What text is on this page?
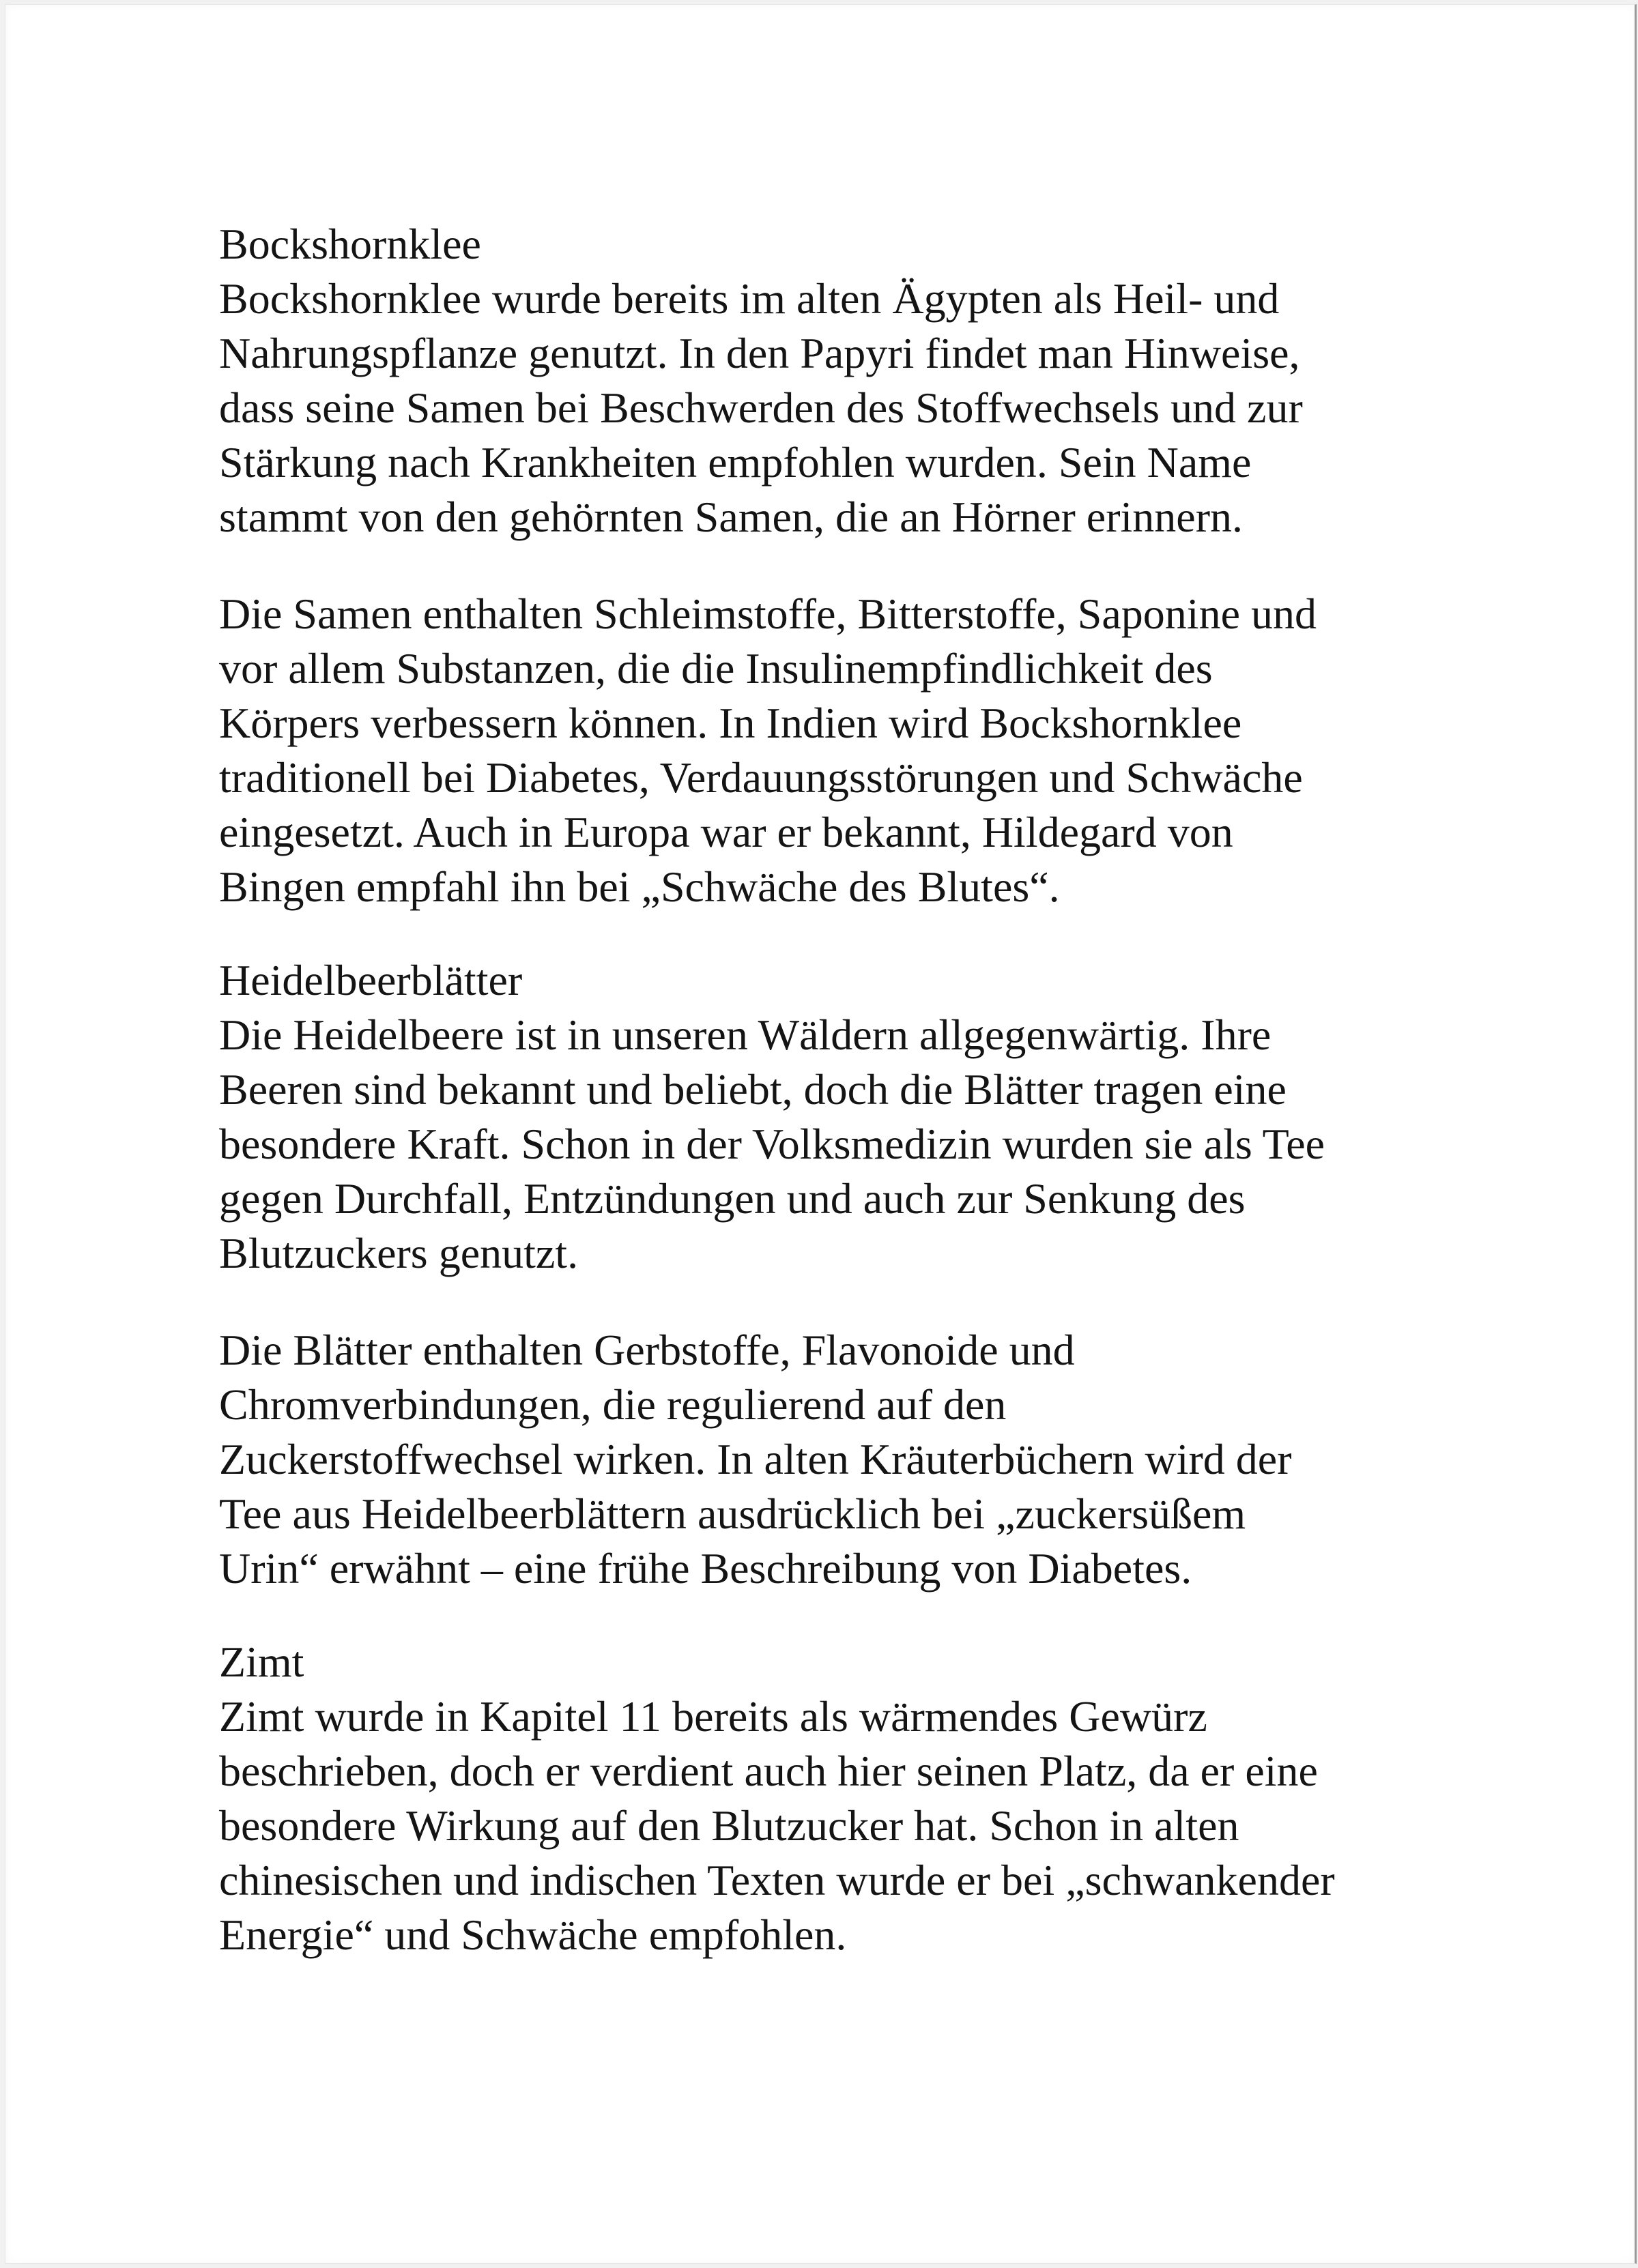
Bockshornklee
Bockshornklee wurde bereits im alten Ägypten als Heil- und
Nahrungspflanze genutzt. In den Papyri findet man Hinweise,
dass seine Samen bei Beschwerden des Stoffwechsels und zur
Stärkung nach Krankheiten empfohlen wurden. Sein Name
stammt von den gehörnten Samen, die an Hörner erinnern.
Die Samen enthalten Schleimstoffe, Bitterstoffe, Saponine und
vor allem Substanzen, die die Insulinempfindlichkeit des
Körpers verbessern können. In Indien wird Bockshornklee
traditionell bei Diabetes, Verdauungsstörungen und Schwäche
eingesetzt. Auch in Europa war er bekannt, Hildegard von
Bingen empfahl ihn bei „Schwäche des Blutes“.
Heidelbeerblätter
Die Heidelbeere ist in unseren Wäldern allgegenwärtig. Ihre
Beeren sind bekannt und beliebt, doch die Blätter tragen eine
besondere Kraft. Schon in der Volksmedizin wurden sie als Tee
gegen Durchfall, Entzündungen und auch zur Senkung des
Blutzuckers genutzt.
Die Blätter enthalten Gerbstoffe, Flavonoide und
Chromverbindungen, die regulierend auf den
Zuckerstoffwechsel wirken. In alten Kräuterbüchern wird der
Tee aus Heidelbeerblättern ausdrücklich bei „zuckersüßem
Urin“ erwähnt – eine frühe Beschreibung von Diabetes.
Zimt
Zimt wurde in Kapitel 11 bereits als wärmendes Gewürz
beschrieben, doch er verdient auch hier seinen Platz, da er eine
besondere Wirkung auf den Blutzucker hat. Schon in alten
chinesischen und indischen Texten wurde er bei „schwankender
Energie“ und Schwäche empfohlen.
